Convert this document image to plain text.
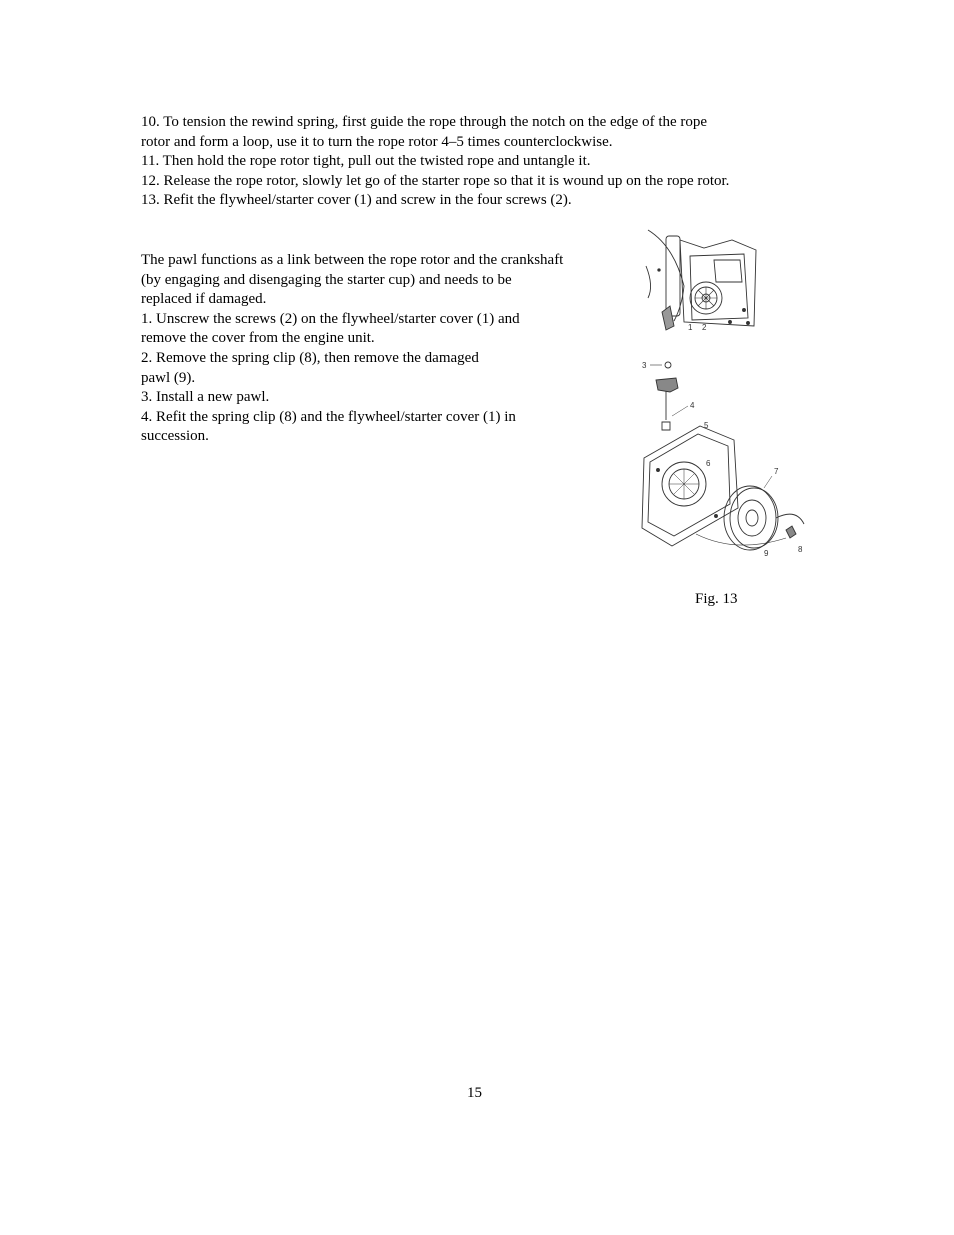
10. To tension the rewind spring, first guide the rope through the notch on the edge of the rope
rotor and form a loop, use it to turn the rope rotor 4–5 times counterclockwise.
11. Then hold the rope rotor tight, pull out the twisted rope and untangle it.
12. Release the rope rotor, slowly let go of the starter rope so that it is wound up on the rope rotor.
13. Refit the flywheel/starter cover (1) and screw in the four screws (2).
The pawl functions as a link between the rope rotor and the crankshaft
(by engaging and disengaging the starter cup) and needs to be
replaced if damaged.
1. Unscrew the screws (2) on the flywheel/starter cover (1) and
remove the cover from the engine unit.
2. Remove the spring clip (8), then remove the damaged
pawl (9).
3. Install a new pawl.
4. Refit the spring clip (8) and the flywheel/starter cover (1) in
succession.
1 2
3
4
5
6
7
8
9
Fig. 13
15
